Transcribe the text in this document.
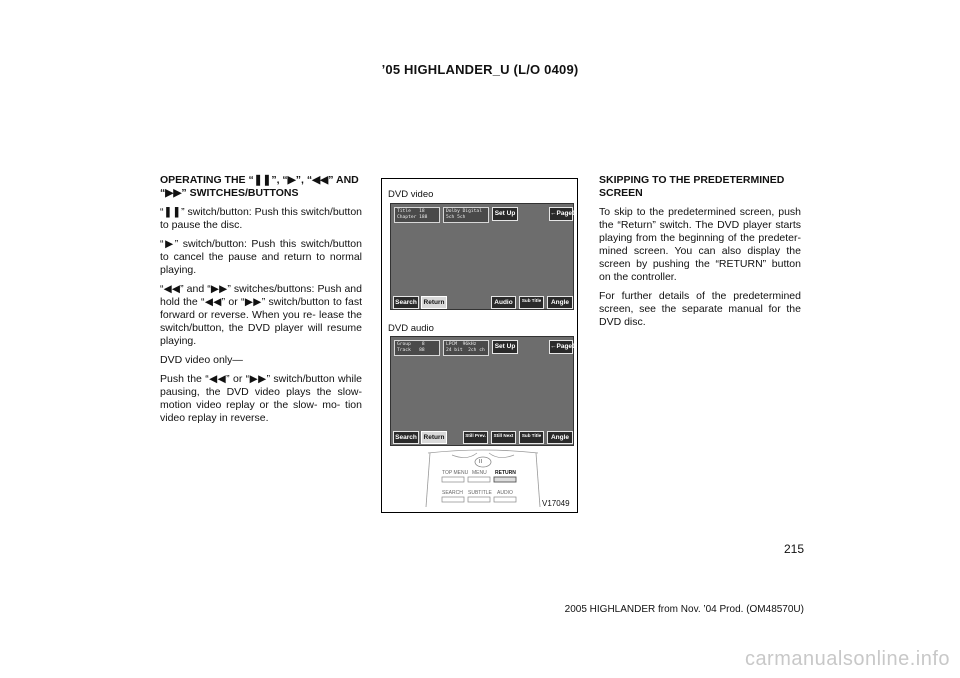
’05 HIGHLANDER_U (L/O 0409)

OPERATING THE “❚❚”, “▶”, “◀◀” AND
“▶▶” SWITCHES/BUTTONS

“❚❚” switch/button: Push this switch/button to pause the disc.

“▶” switch/button: Push this switch/button to cancel the pause and return to normal playing.

“◀◀” and “▶▶” switches/buttons: Push and hold the “◀◀” or “▶▶” switch/button to fast forward or reverse. When you re- lease the switch/button, the DVD player will resume playing.

DVD video only—

Push the “◀◀” or “▶▶” switch/button while pausing, the DVD video plays the slow- motion video replay or the slow- mo- tion video replay in reverse.

DVD video
Title   18
Chapter 188
Dolby Digital
5ch 5ch
Set Up	←Page1
Search	Return	Audio	Sub Title	Angle
DVD audio
Group    8
Track   88
LPCM  96kHz
24 bit  2ch ch
Set Up	←Page1
Search	Return	Still Prev.	Still Next	Sub Title	Angle
II
TOP MENU MENU RETURN
SEARCH SUBTITLE AUDIO
V17049

SKIPPING TO THE PREDETERMINED SCREEN

To skip to the predetermined screen, push the “Return” switch. The DVD player starts playing from the beginning of the predeter- mined screen. You can also display the screen by pushing the “RETURN” button on the controller.

For further details of the predetermined screen, see the separate manual for the DVD disc.

215
2005 HIGHLANDER from Nov. ’04 Prod. (OM48570U)
carmanualsonline.info
